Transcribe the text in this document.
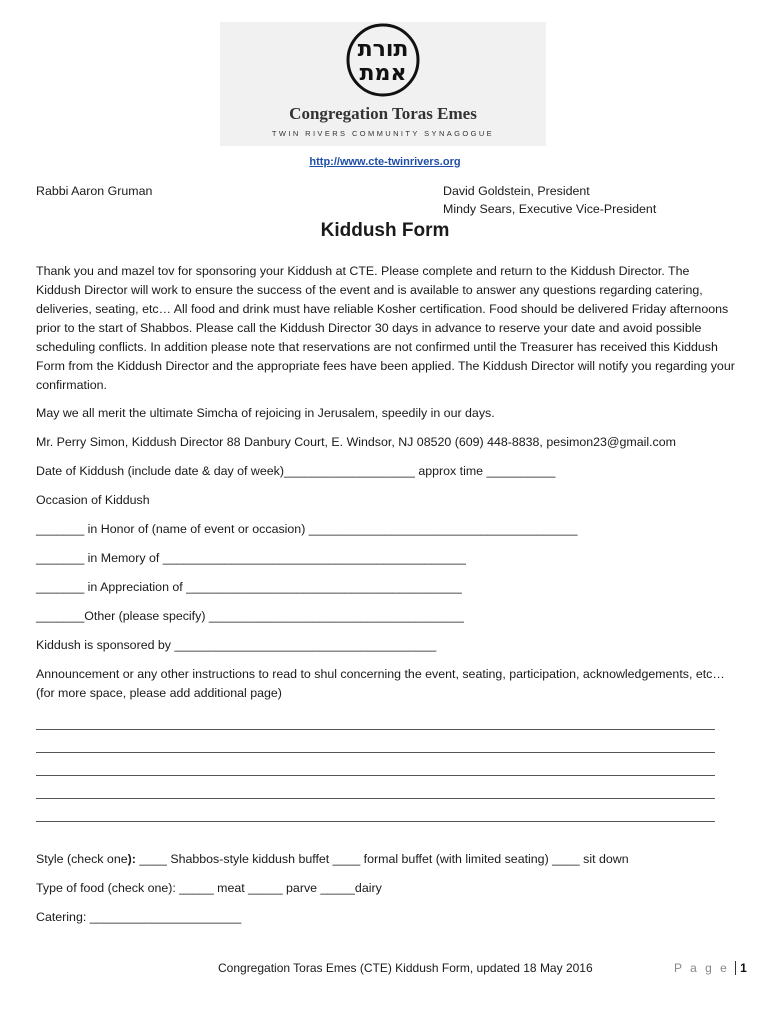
תורת
אמת
Congregation Toras Emes
TWIN RIVERS COMMUNITY SYNAGOGUE
http://www.cte-twinrivers.org
Rabbi Aaron Gruman	David Goldstein, President
Mindy Sears, Executive Vice-President
Kiddush Form
Thank you and mazel tov for sponsoring your Kiddush at CTE. Please complete and return to the Kiddush Director. The Kiddush Director will work to ensure the success of the event and is available to answer any questions regarding catering, deliveries, seating, etc… All food and drink must have reliable Kosher certification. Food should be delivered Friday afternoons prior to the start of Shabbos. Please call the Kiddush Director 30 days in advance to reserve your date and avoid possible scheduling conflicts. In addition please note that reservations are not confirmed until the Treasurer has received this Kiddush Form from the Kiddush Director and the appropriate fees have been applied. The Kiddush Director will notify you regarding your confirmation.
May we all merit the ultimate Simcha of rejoicing in Jerusalem, speedily in our days.
Mr. Perry Simon, Kiddush Director 88 Danbury Court, E. Windsor, NJ 08520 (609) 448-8838, pesimon23@gmail.com
Date of Kiddush (include date & day of week)___________________ approx time __________
Occasion of Kiddush
_______ in Honor of (name of event or occasion) _______________________________________
_______ in Memory of ____________________________________________
_______ in Appreciation of ________________________________________
_______Other (please specify) _____________________________________
Kiddush is sponsored by ______________________________________
Announcement or any other instructions to read to shul concerning the event, seating, participation, acknowledgements, etc… (for more space, please add additional page)
Style (check one): ____ Shabbos-style kiddush buffet ____ formal buffet (with limited seating) ____ sit down
Type of food (check one): _____ meat _____ parve _____dairy
Catering: ______________________
Congregation Toras Emes (CTE) Kiddush Form, updated 18 May 2016	P a g e 1
